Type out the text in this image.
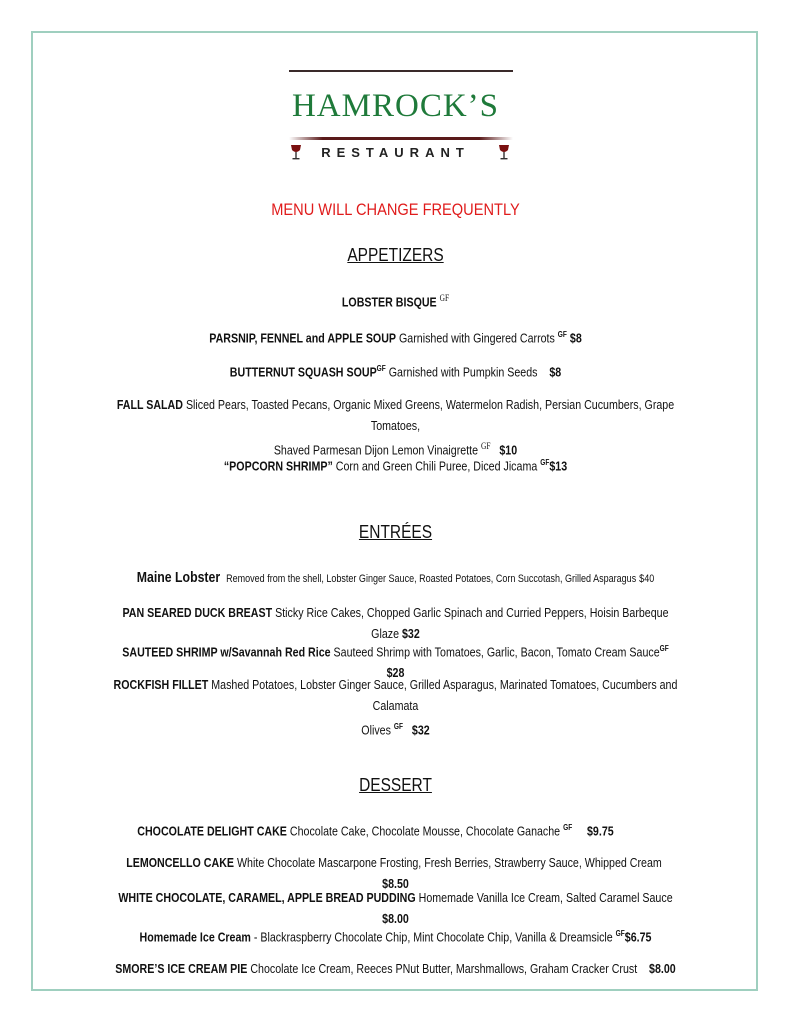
HAMROCK’S
RESTAURANT
MENU WILL CHANGE FREQUENTLY
APPETIZERS
LOBSTER BISQUE $^{GF}$
PARSNIP, FENNEL and APPLE SOUP Garnished with Gingered Carrots $^{GF}$ $8
BUTTERNUT SQUASH $SOUP^{GF}$ Garnished with Pumpkin Seeds $8
FALL SALAD Sliced Pears, Toasted Pecans, Organic Mixed Greens, Watermelon Radish, Persian Cucumbers, Grape Tomatoes,
Shaved Parmesan Dijon Lemon Vinaigrette $^{GF}$ $10
“POPCORN SHRIMP” Corn and Green Chili Puree, Diced Jicama $^{GF}$\$13
ENTRÉES
Maine Lobster Removed from the shell, Lobster Ginger Sauce, Roasted Potatoes, Corn Succotash, Grilled Asparagus $40
PAN SEARED DUCK BREAST Sticky Rice Cakes, Chopped Garlic Spinach and Curried Peppers, Hoisin Barbeque Glaze $32
SAUTEED SHRIMP w/Savannah Red Rice Sauteed Shrimp with Tomatoes, Garlic, Bacon, Tomato Cream Sauce$^{GF}$ $28
ROCKFISH FILLET Mashed Potatoes, Lobster Ginger Sauce, Grilled Asparagus, Marinated Tomatoes, Cucumbers and Calamata
Olives $^{GF}$ $32
DESSERT
CHOCOLATE DELIGHT CAKE Chocolate Cake, Chocolate Mousse, Chocolate Ganache $^{GF}$ $9.75
LEMONCELLO CAKE White Chocolate Mascarpone Frosting, Fresh Berries, Strawberry Sauce, Whipped Cream  $8.50
WHITE CHOCOLATE, CARAMEL, APPLE BREAD PUDDING Homemade Vanilla Ice Cream, Salted Caramel Sauce $8.00
Homemade Ice Cream - Blackraspberry Chocolate Chip, Mint Chocolate Chip, Vanilla & Dreamsicle $^{GF}$\$6.75
SMORE’S ICE CREAM PIE Chocolate Ice Cream, Reeces PNut Butter, Marshmallows, Graham Cracker Crust $8.00
